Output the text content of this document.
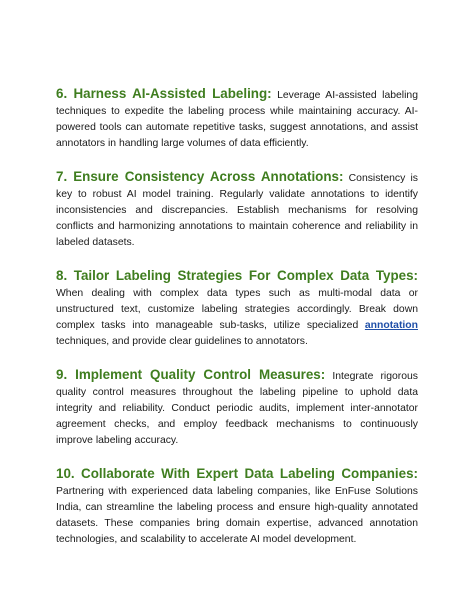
6. Harness AI-Assisted Labeling: Leverage AI-assisted labeling techniques to expedite the labeling process while maintaining accuracy. AI-powered tools can automate repetitive tasks, suggest annotations, and assist annotators in handling large volumes of data efficiently.

7. Ensure Consistency Across Annotations: Consistency is key to robust AI model training. Regularly validate annotations to identify inconsistencies and discrepancies. Establish mechanisms for resolving conflicts and harmonizing annotations to maintain coherence and reliability in labeled datasets.

8. Tailor Labeling Strategies For Complex Data Types: When dealing with complex data types such as multi-modal data or unstructured text, customize labeling strategies accordingly. Break down complex tasks into manageable sub-tasks, utilize specialized annotation techniques, and provide clear guidelines to annotators.

9. Implement Quality Control Measures: Integrate rigorous quality control measures throughout the labeling pipeline to uphold data integrity and reliability. Conduct periodic audits, implement inter-annotator agreement checks, and employ feedback mechanisms to continuously improve labeling accuracy.

10. Collaborate With Expert Data Labeling Companies: Partnering with experienced data labeling companies, like EnFuse Solutions India, can streamline the labeling process and ensure high-quality annotated datasets. These companies bring domain expertise, advanced annotation technologies, and scalability to accelerate AI model development.
